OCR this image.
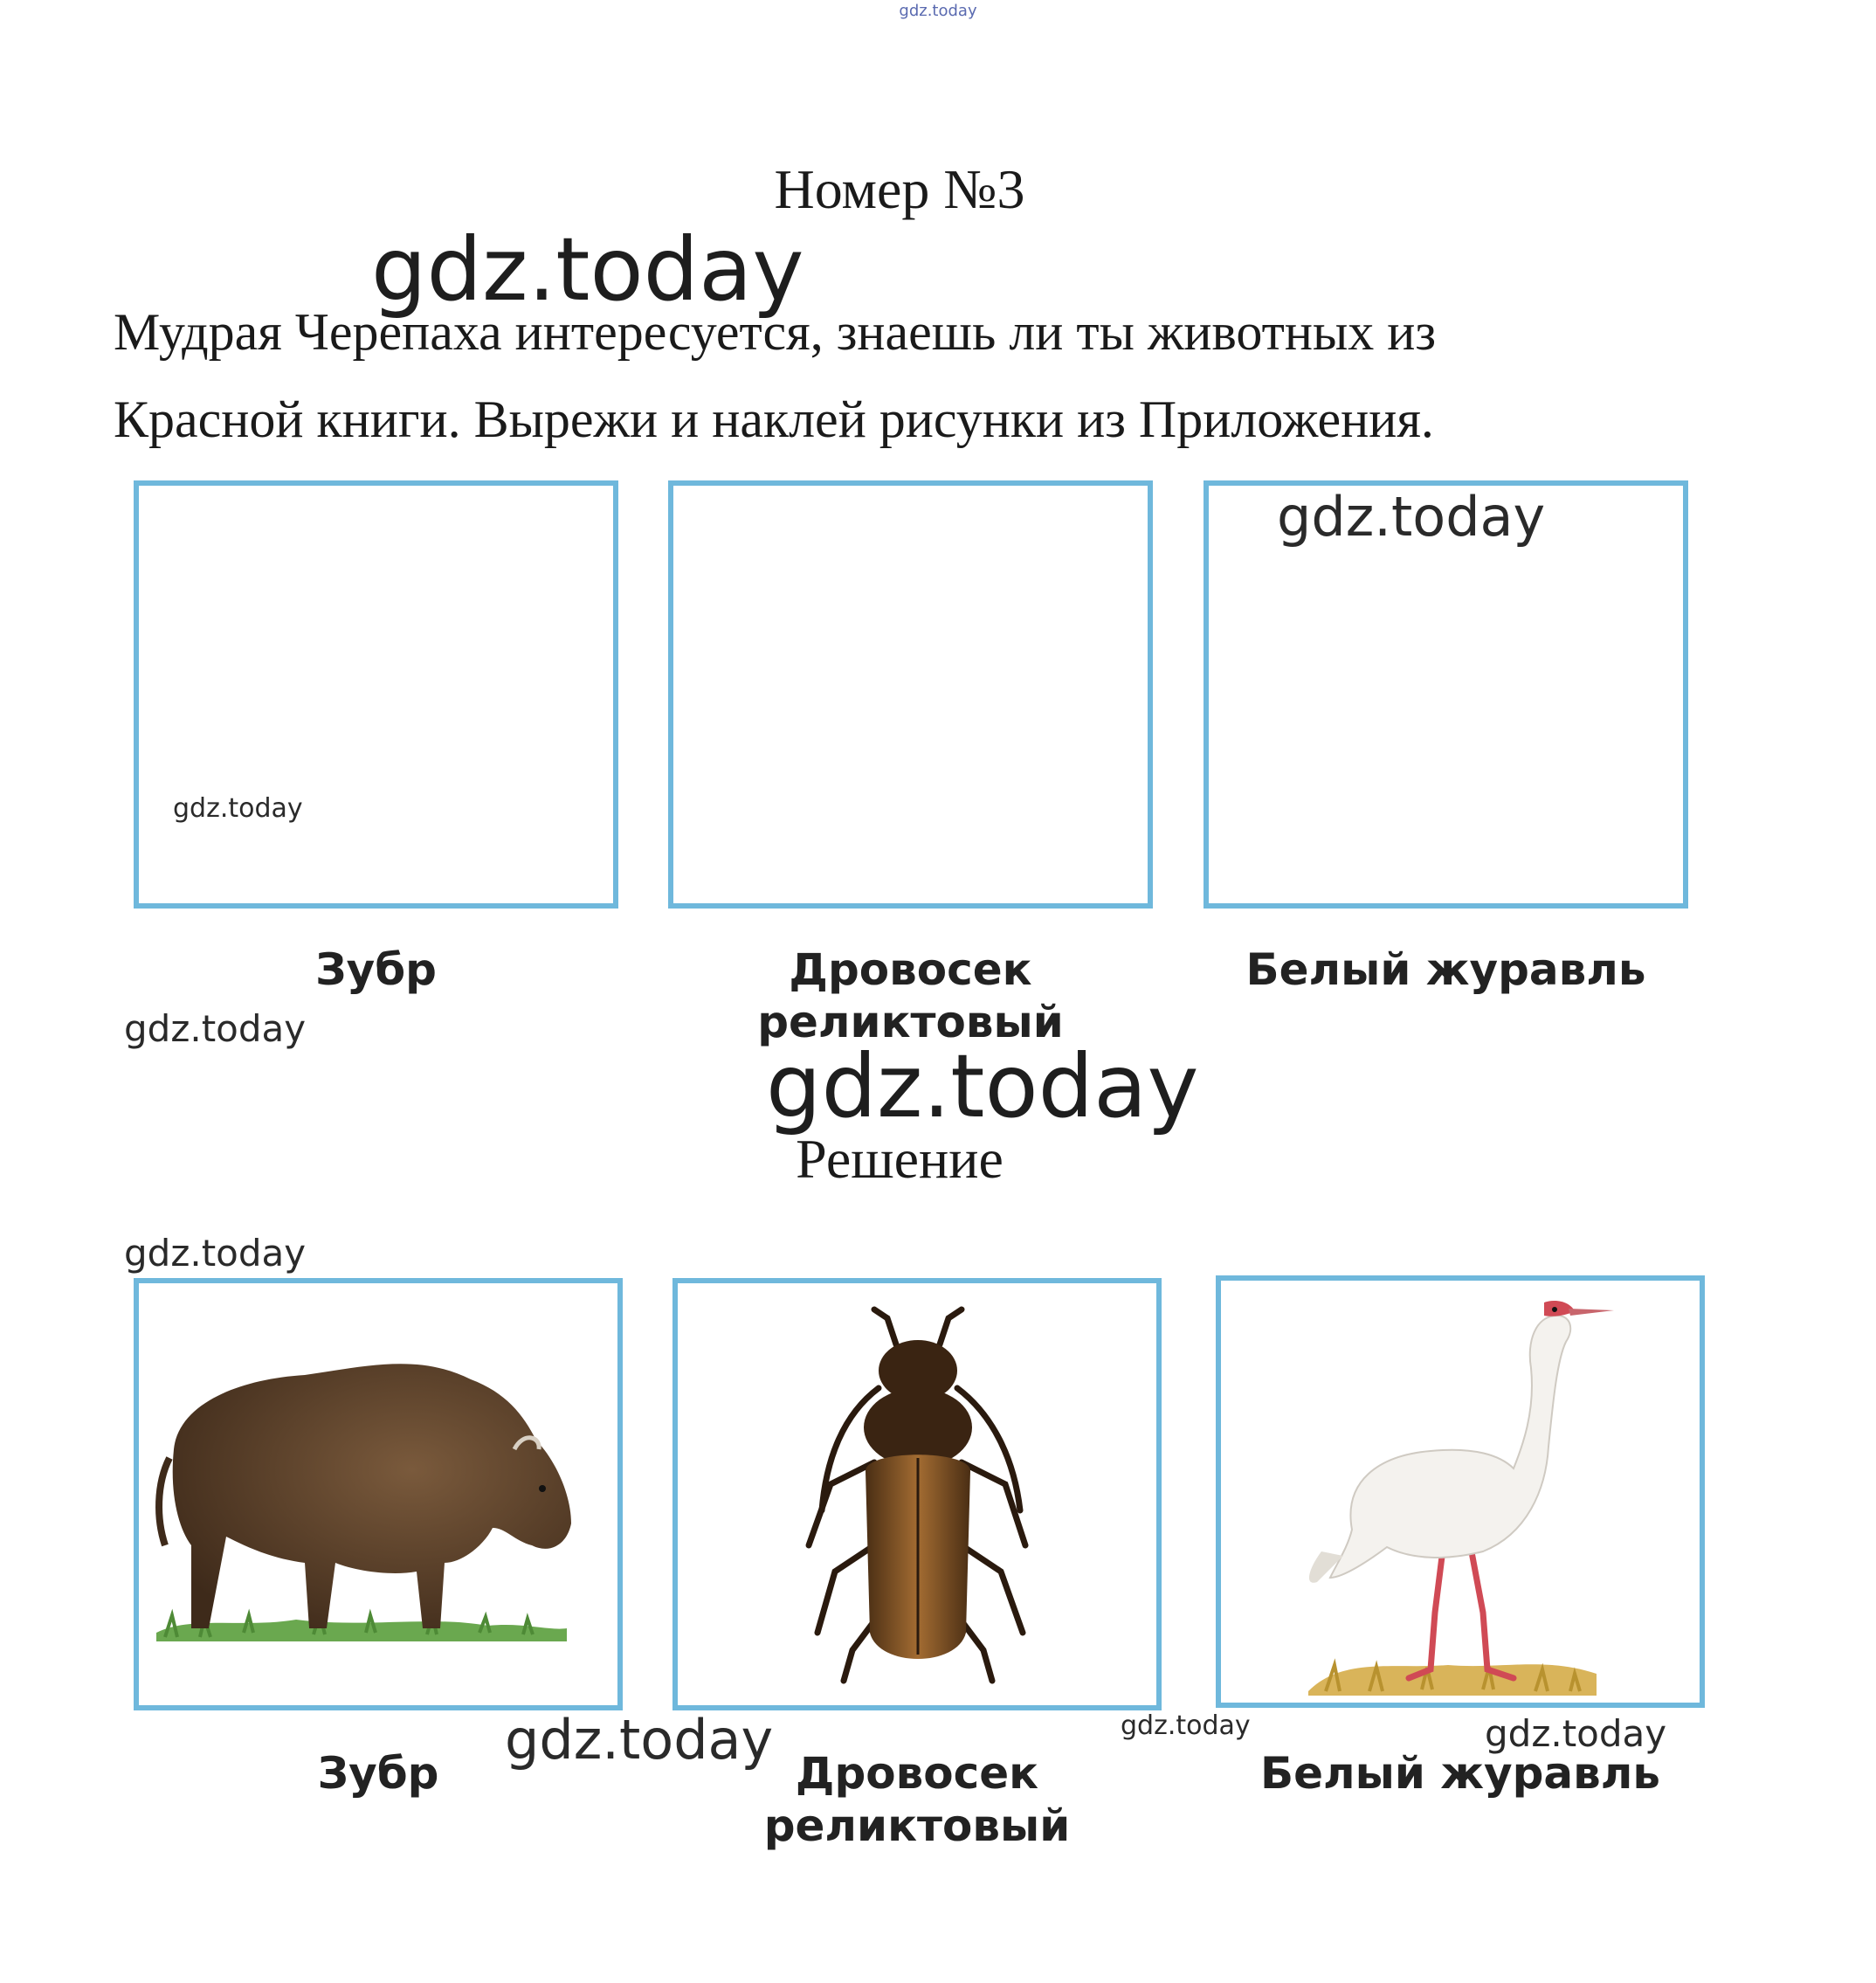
gdz.today
Номер №3
gdz.today
Мудрая Черепаха интересуется, знаешь ли ты животных из
Красной книги. Вырежи и наклей рисунки из Приложения.
gdz.today
gdz.today
Зубр	Дровосек
реликтовый
Белый журавль
gdz.today
gdz.today
Решение
gdz.today
gdz.today	gdz.today	gdz.today
Зубр	Дровосек
реликтовый
Белый журавль
